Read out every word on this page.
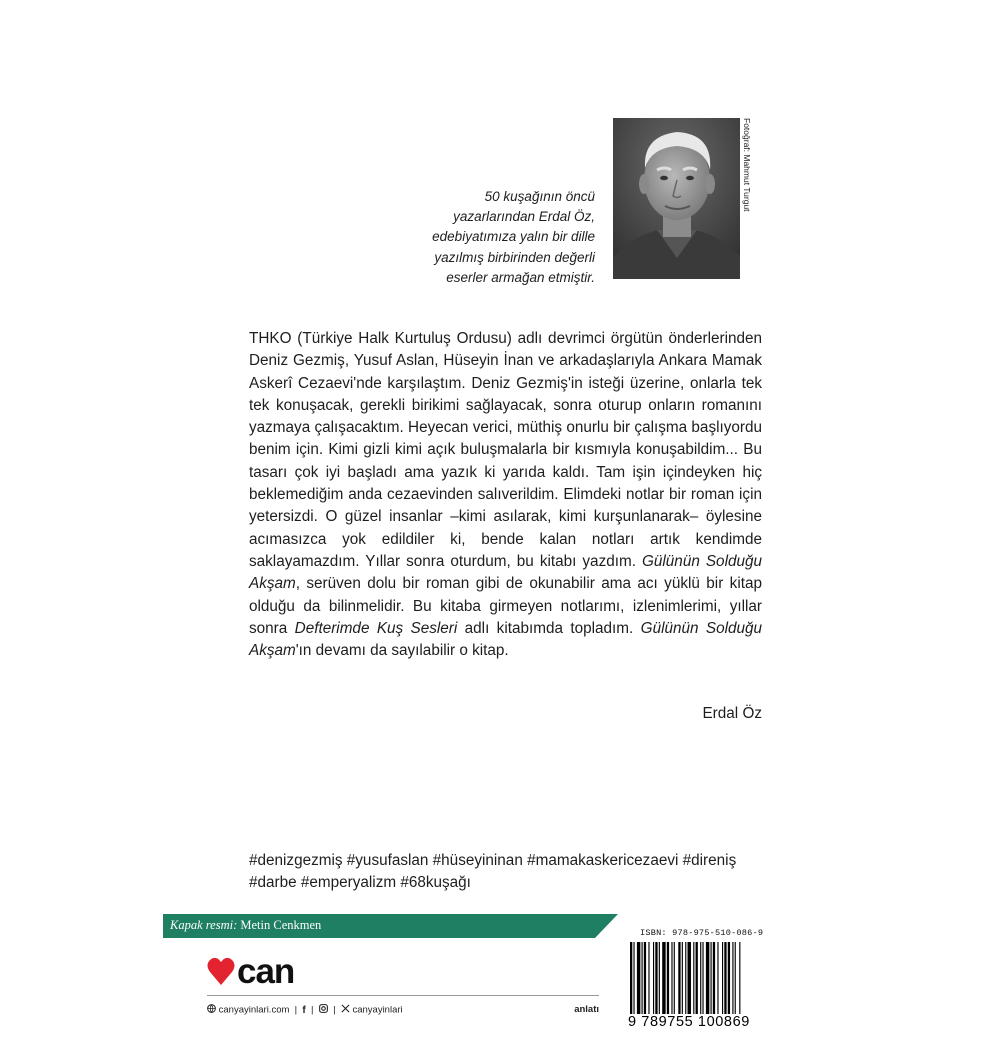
Fotoğraf: Mahmut Turgut
50 kuşağının öncü
yazarlarından Erdal Öz,
edebiyatımıza yalın bir dille
yazılmış birbirinden değerli
eserler armağan etmiştir.

THKO (Türkiye Halk Kurtuluş Ordusu) adlı devrimci örgütün önderlerinden Deniz Gezmiş, Yusuf Aslan, Hüseyin İnan ve arkadaşlarıyla Ankara Mamak Askerî Cezaevi'nde karşılaştım. Deniz Gezmiş'in isteği üzerine, onlarla tek tek konuşacak, gerekli birikimi sağlayacak, sonra oturup onların romanını yazmaya çalışacaktım. Heyecan verici, müthiş onurlu bir çalışma başlıyordu benim için. Kimi gizli kimi açık buluşmalarla bir kısmıyla konuşabildim... Bu tasarı çok iyi başladı ama yazık ki yarıda kaldı. Tam işin içindeyken hiç beklemediğim anda cezaevinden salıverildim. Elimdeki notlar bir roman için yetersizdi. O güzel insanlar –kimi asılarak, kimi kurşunlanarak– öylesine acımasızca yok edildiler ki, bende kalan notları artık kendimde saklayamazdım. Yıllar sonra oturdum, bu kitabı yazdım. Gülünün Solduğu Akşam, serüven dolu bir roman gibi de okunabilir ama acı yüklü bir kitap olduğu da bilinmelidir. Bu kitaba girmeyen notlarımı, izlenimlerimi, yıllar sonra Defterimde Kuş Sesleri adlı kitabımda topladım. Gülünün Solduğu Akşam'ın devamı da sayılabilir o kitap.

Erdal Öz
#denizgezmiş #yusufaslan #hüseyininan #mamakaskericezaevi #direniş
#darbe #emperyalizm #68kuşağı
Kapak resmi: Metin Cenkmen
can
canyayinlari.com  |  f  |    |   canyayinlari	anlatı
ISBN: 978-975-510-086-9
9 789755 100869
